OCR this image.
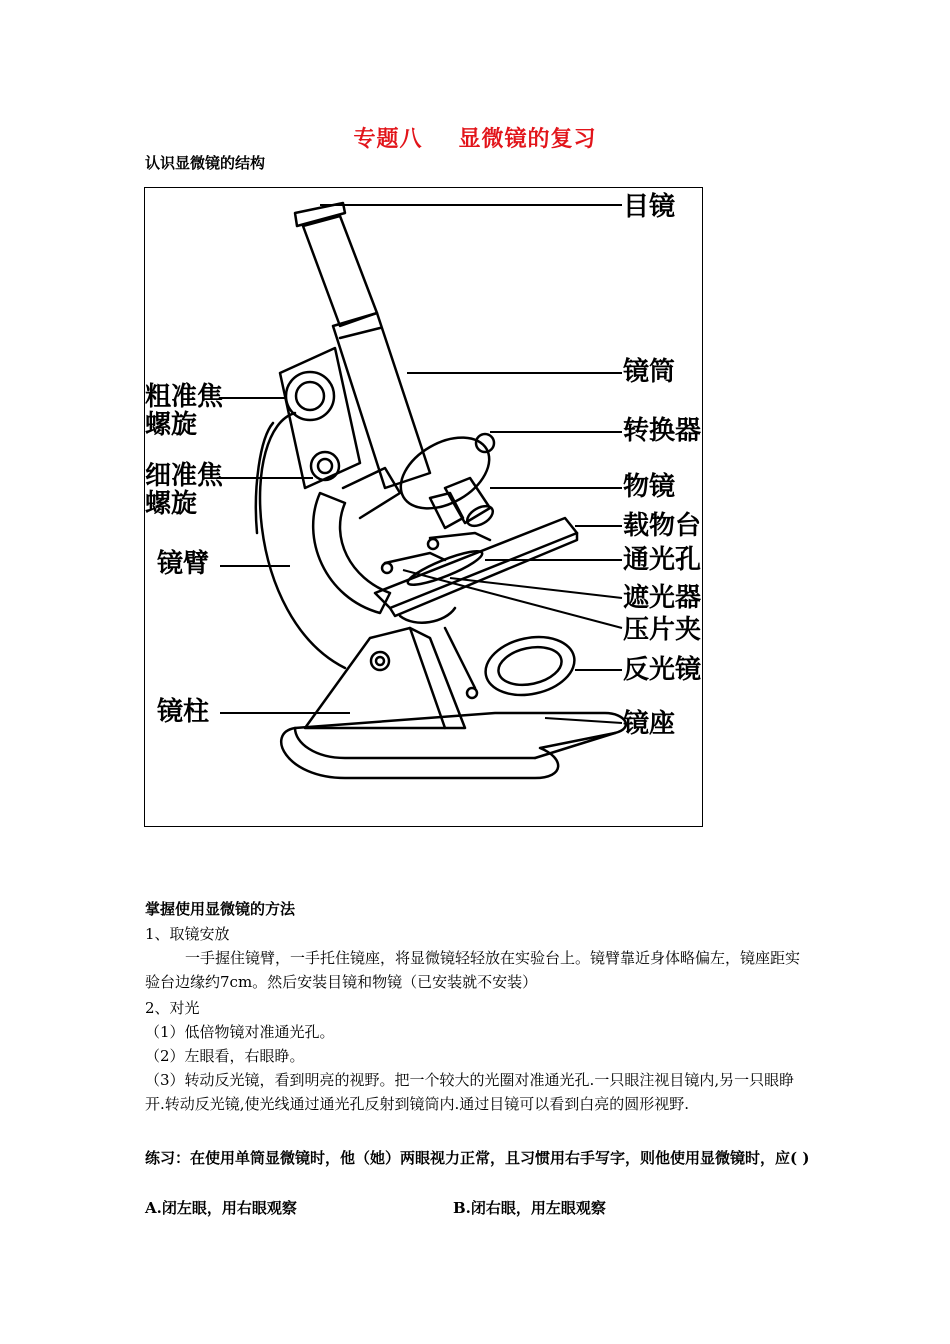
专题八 显微镜的复习
认识显微镜的结构
目镜
镜筒
粗准焦
螺旋	转换器
细准焦
螺旋
物镜
载物台
通光孔
镜臂
遮光器
压片夹
反光镜
镜柱	镜座
掌握使用显微镜的方法
1、取镜安放
一手握住镜臂，一手托住镜座，将显微镜轻轻放在实验台上。镜臂靠近身体略偏左，镜座距实验台边缘约7cm。然后安装目镜和物镜（已安装就不安装）
2、对光
（1）低倍物镜对准通光孔。
（2）左眼看，右眼睁。
（3）转动反光镜，看到明亮的视野。把一个较大的光圈对准通光孔.一只眼注视目镜内,另一只眼睁开.转动反光镜,使光线通过通光孔反射到镜筒内.通过目镜可以看到白亮的圆形视野.
练习：在使用单筒显微镜时，他（她）两眼视力正常，且习惯用右手写字，则他使用显微镜时，应( )
A.闭左眼，用右眼观察	B.闭右眼，用左眼观察
